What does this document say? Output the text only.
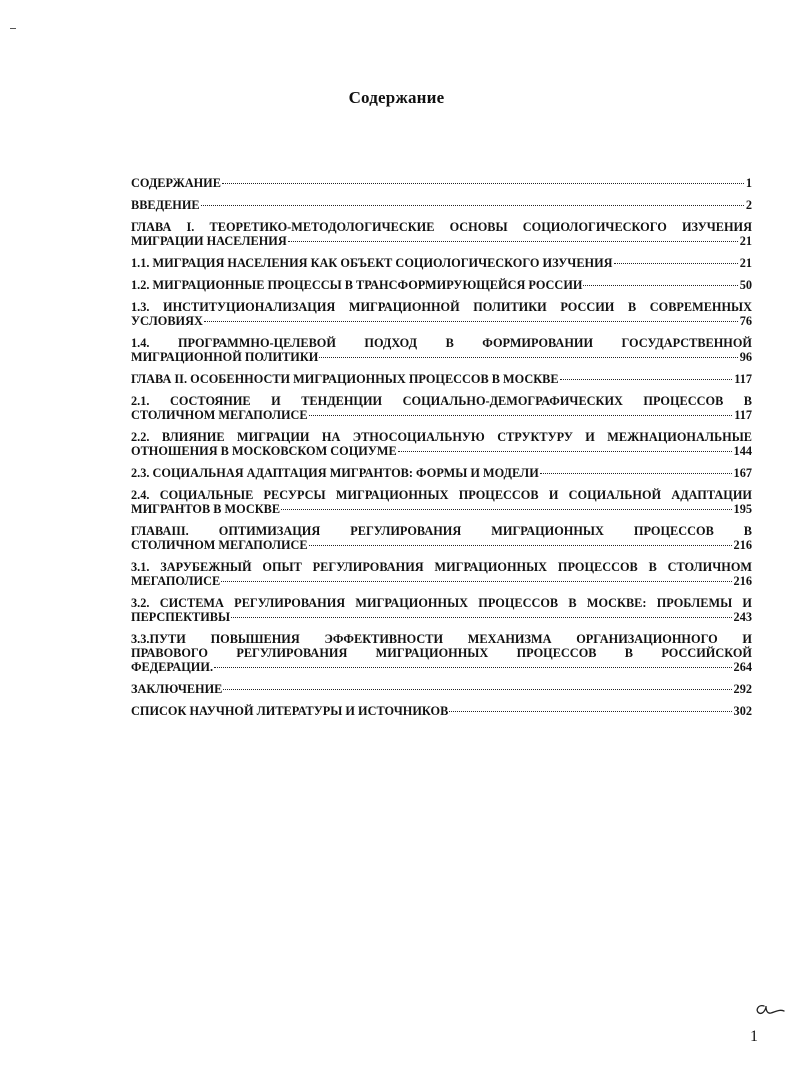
Содержание
СОДЕРЖАНИЕ	1
ВВЕДЕНИЕ	2
ГЛАВА I. ТЕОРЕТИКО-МЕТОДОЛОГИЧЕСКИЕ ОСНОВЫ СОЦИОЛОГИЧЕСКОГО ИЗУЧЕНИЯ
МИГРАЦИИ НАСЕЛЕНИЯ	21
1.1. МИГРАЦИЯ НАСЕЛЕНИЯ КАК ОБЪЕКТ СОЦИОЛОГИЧЕСКОГО ИЗУЧЕНИЯ	21
1.2. МИГРАЦИОННЫЕ ПРОЦЕССЫ В ТРАНСФОРМИРУЮЩЕЙСЯ РОССИИ	50
1.3. ИНСТИТУЦИОНАЛИЗАЦИЯ МИГРАЦИОННОЙ ПОЛИТИКИ РОССИИ В СОВРЕМЕННЫХ
УСЛОВИЯХ	76
1.4. ПРОГРАММНО-ЦЕЛЕВОЙ ПОДХОД В ФОРМИРОВАНИИ ГОСУДАРСТВЕННОЙ
МИГРАЦИОННОЙ ПОЛИТИКИ	96
ГЛАВА II. ОСОБЕННОСТИ МИГРАЦИОННЫХ ПРОЦЕССОВ В МОСКВЕ	117
2.1. СОСТОЯНИЕ И ТЕНДЕНЦИИ СОЦИАЛЬНО-ДЕМОГРАФИЧЕСКИХ ПРОЦЕССОВ В
СТОЛИЧНОМ МЕГАПОЛИСЕ	117
2.2. ВЛИЯНИЕ МИГРАЦИИ НА ЭТНОСОЦИАЛЬНУЮ СТРУКТУРУ И МЕЖНАЦИОНАЛЬНЫЕ
ОТНОШЕНИЯ В МОСКОВСКОМ СОЦИУМЕ	144
2.3. СОЦИАЛЬНАЯ АДАПТАЦИЯ МИГРАНТОВ: ФОРМЫ И МОДЕЛИ	167
2.4. СОЦИАЛЬНЫЕ РЕСУРСЫ МИГРАЦИОННЫХ ПРОЦЕССОВ И СОЦИАЛЬНОЙ АДАПТАЦИИ
МИГРАНТОВ В МОСКВЕ	195
ГЛАВАIII. ОПТИМИЗАЦИЯ РЕГУЛИРОВАНИЯ МИГРАЦИОННЫХ ПРОЦЕССОВ В
СТОЛИЧНОМ МЕГАПОЛИСЕ	216
3.1. ЗАРУБЕЖНЫЙ ОПЫТ РЕГУЛИРОВАНИЯ МИГРАЦИОННЫХ ПРОЦЕССОВ В СТОЛИЧНОМ
МЕГАПОЛИСЕ	216
3.2. СИСТЕМА РЕГУЛИРОВАНИЯ МИГРАЦИОННЫХ ПРОЦЕССОВ В МОСКВЕ: ПРОБЛЕМЫ И
ПЕРСПЕКТИВЫ	243
3.3.ПУТИ ПОВЫШЕНИЯ ЭФФЕКТИВНОСТИ МЕХАНИЗМА ОРГАНИЗАЦИОННОГО И
ПРАВОВОГО РЕГУЛИРОВАНИЯ МИГРАЦИОННЫХ ПРОЦЕССОВ В РОССИЙСКОЙ
ФЕДЕРАЦИИ.	264
ЗАКЛЮЧЕНИЕ	292
СПИСОК НАУЧНОЙ ЛИТЕРАТУРЫ И ИСТОЧНИКОВ	302
1
